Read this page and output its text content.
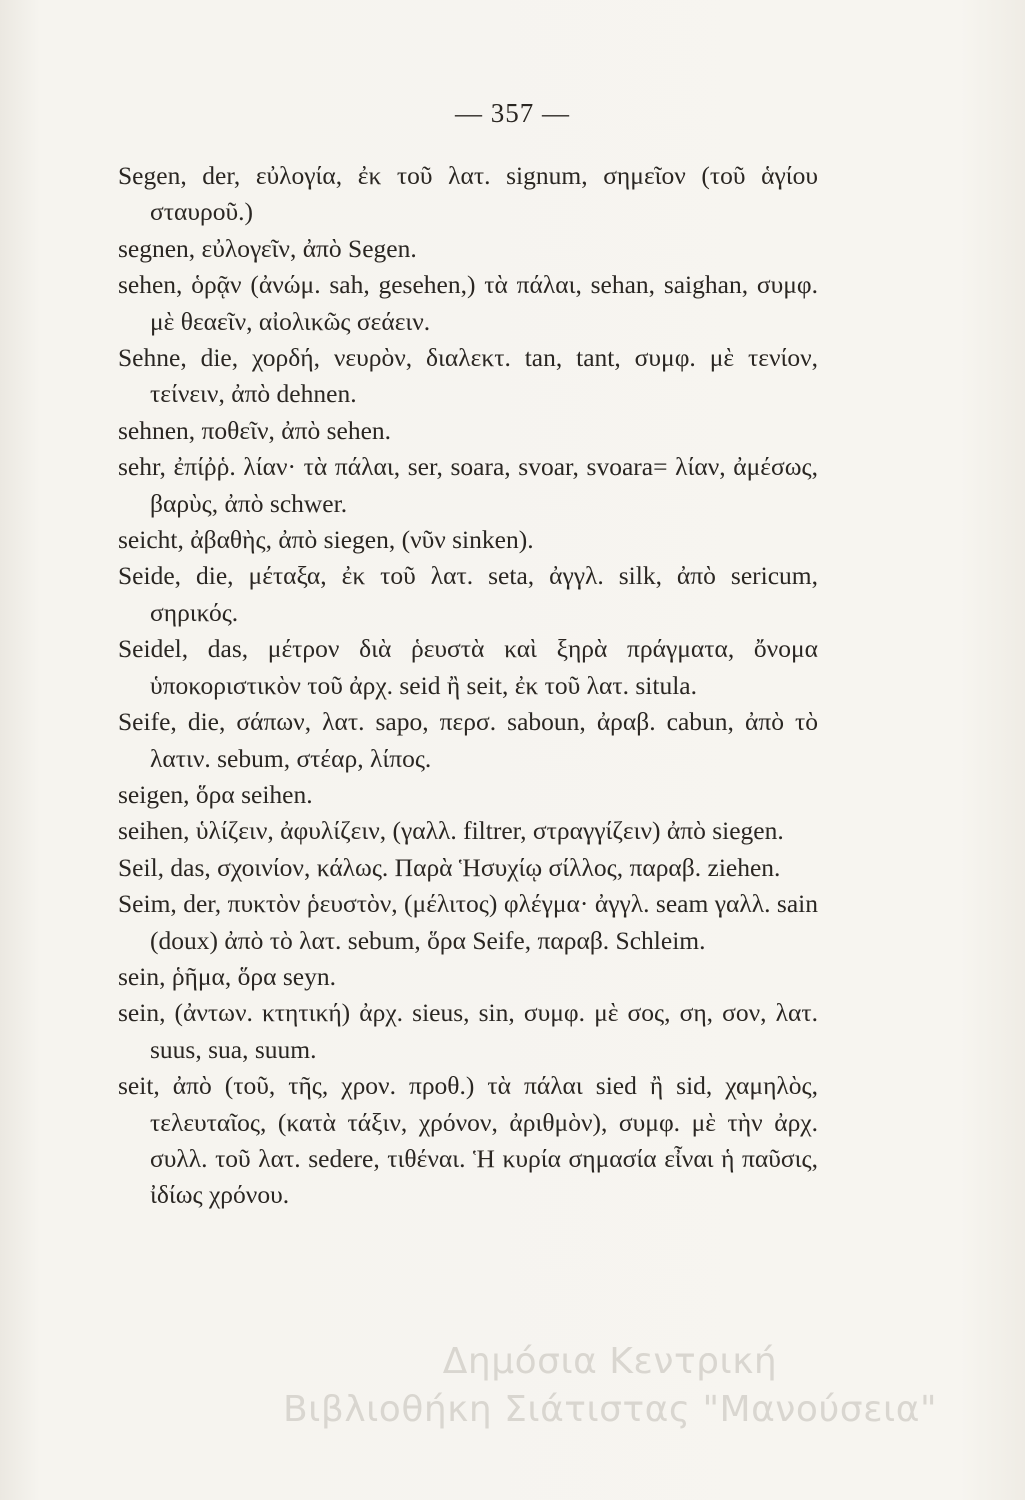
— 357 —

Segen, der, εὐλογία, ἐκ τοῦ λατ. signum, σημεῖον (τοῦ ἁγίου σταυροῦ.)

segnen, εὐλογεῖν, ἀπὸ Segen.

sehen, ὁρᾷν (ἀνώμ. sah, gesehen,) τὰ πάλαι, sehan, saighan, συμφ. μὲ θεαεῖν, αἰολικῶς σεάειν.

Sehne, die, χορδή, νευρὸν, διαλεκτ. tan, tant, συμφ. μὲ τενίον, τείνειν, ἀπὸ dehnen.

sehnen, ποθεῖν, ἀπὸ sehen.

sehr, ἐπίῤῥ. λίαν· τὰ πάλαι, ser, soara, svoar, svoara= λίαν, ἀμέσως, βαρὺς, ἀπὸ schwer.

seicht, ἀβαθὴς, ἀπὸ siegen, (νῦν sinken).

Seide, die, μέταξα, ἐκ τοῦ λατ. seta, ἀγγλ. silk, ἀπὸ sericum, σηρικός.

Seidel, das, μέτρον διὰ ῥευστὰ καὶ ξηρὰ πράγματα, ὄνομα ὑποκοριστικὸν τοῦ ἀρχ. seid ἢ seit, ἐκ τοῦ λατ. situla.

Seife, die, σάπων, λατ. sapo, περσ. saboun, ἀραβ. cabun, ἀπὸ τὸ λατιν. sebum, στέαρ, λίπος.

seigen, ὅρα seihen.

seihen, ὑλίζειν, ἀφυλίζειν, (γαλλ. filtrer, στραγγίζειν) ἀπὸ siegen.

Seil, das, σχοινίον, κάλως. Παρὰ Ἡσυχίῳ σίλλος, παραβ. ziehen.

Seim, der, πυκτὸν ῥευστὸν, (μέλιτος) φλέγμα· ἀγγλ. seam γαλλ. sain (doux) ἀπὸ τὸ λατ. sebum, ὅρα Seife, παραβ. Schleim.

sein, ῥῆμα, ὅρα seyn.

sein, (ἀντων. κτητική) ἀρχ. sieus, sin, συμφ. μὲ σος, ση, σον, λατ. suus, sua, suum.

seit, ἀπὸ (τοῦ, τῆς, χρον. προθ.) τὰ πάλαι sied ἢ sid, χαμηλὸς, τελευταῖος, (κατὰ τάξιν, χρόνον, ἀριθμὸν), συμφ. μὲ τὴν ἀρχ. συλλ. τοῦ λατ. sedere, τιθέναι. Ἡ κυρία σημασία εἶναι ἡ παῦσις, ἰδίως χρόνου.

Δημόσια Κεντρική
Βιβλιοθήκη Σιάτιστας "Μανούσεια"
